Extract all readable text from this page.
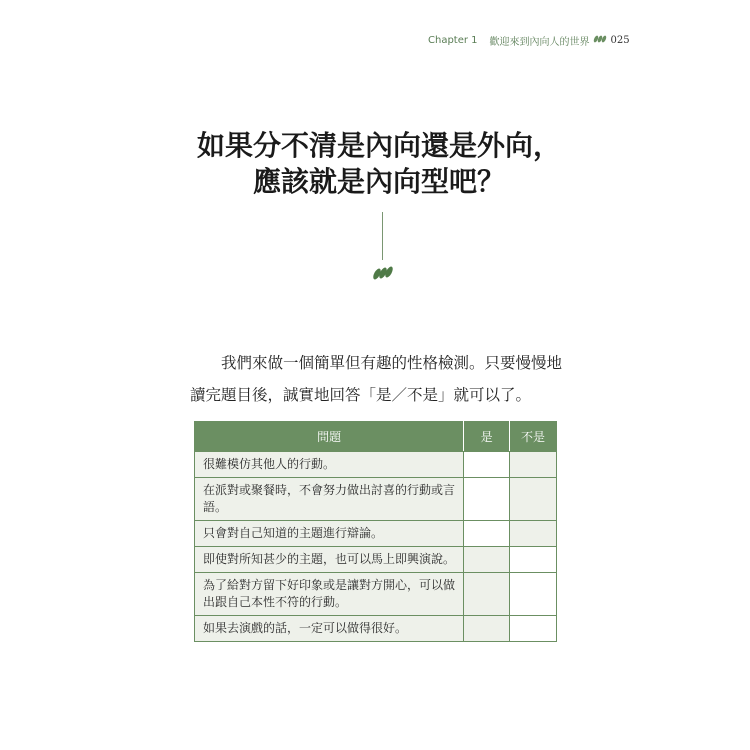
Chapter 1 歡迎來到內向人的世界 025
如果分不清是內向還是外向，
應該就是內向型吧？

我們來做一個簡單但有趣的性格檢測。只要慢慢地讀完題目後，誠實地回答「是／不是」就可以了。

問題	是	不是
很難模仿其他人的行動。		
在派對或聚餐時，不會努力做出討喜的行動或言語。		
只會對自己知道的主題進行辯論。		
即使對所知甚少的主題，也可以馬上即興演說。		
為了給對方留下好印象或是讓對方開心，可以做出跟自己本性不符的行動。		
如果去演戲的話，一定可以做得很好。		
